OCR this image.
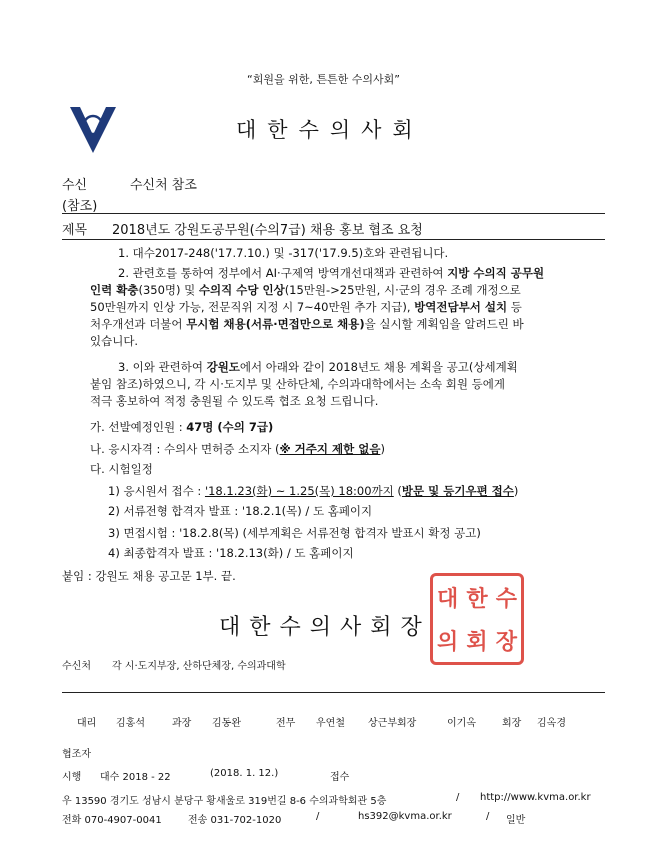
“회원을 위한, 튼튼한 수의사회”
대한수의사회
수신	수신처 참조
(참조)
제목 2018년도 강원도공무원(수의7급) 채용 홍보 협조 요청
1. 대수2017-248('17.7.10.) 및 -317('17.9.5)호와 관련됩니다.
2. 관련호를 통하여 정부에서 AI·구제역 방역개선대책과 관련하여 지방 수의직 공무원
인력 확충(350명) 및 수의직 수당 인상(15만원->25만원, 시·군의 경우 조례 개정으로
50만원까지 인상 가능, 전문직위 지정 시 7~40만원 추가 지급), 방역전담부서 설치 등
처우개선과 더불어 무시험 채용(서류·면접만으로 채용)을 실시할 계획임을 알려드린 바
있습니다.
3. 이와 관련하여 강원도에서 아래와 같이 2018년도 채용 계획을 공고(상세계획
붙임 참조)하였으니, 각 시·도지부 및 산하단체, 수의과대학에서는 소속 회원 등에게
적극 홍보하여 적정 충원될 수 있도록 협조 요청 드립니다.
가. 선발예정인원 : 47명 (수의 7급)
나. 응시자격 : 수의사 면허증 소지자 (※ 거주지 제한 없음)
다. 시험일정
1) 응시원서 접수 : '18.1.23(화) ~ 1.25(목) 18:00까지 (방문 및 등기우편 접수)
2) 서류전형 합격자 발표 : '18.2.1(목) / 도 홈페이지
3) 면접시험 : '18.2.8(목) (세부계획은 서류전형 합격자 발표시 확정 공고)
4) 최종합격자 발표 : '18.2.13(화) / 도 홈페이지
붙임 : 강원도 채용 공고문 1부. 끝.
대 한 수
의 회 장
대한수의사회장
수신처 각 시·도지부장, 산하단체장, 수의과대학
대리 김홍석	과장 김동완	전무 우연철 상근부회장	이기옥	회장 김옥경
협조자
시행 대수 2018 - 22	(2018. 1. 12.)	접수
우 13590 경기도 성남시 분당구 황새울로 319번길 8-6 수의과학회관 5층	/ http://www.kvma.or.kr
전화 070-4907-0041	전송 031-702-1020	/	hs392@kvma.or.kr	/ 일반
